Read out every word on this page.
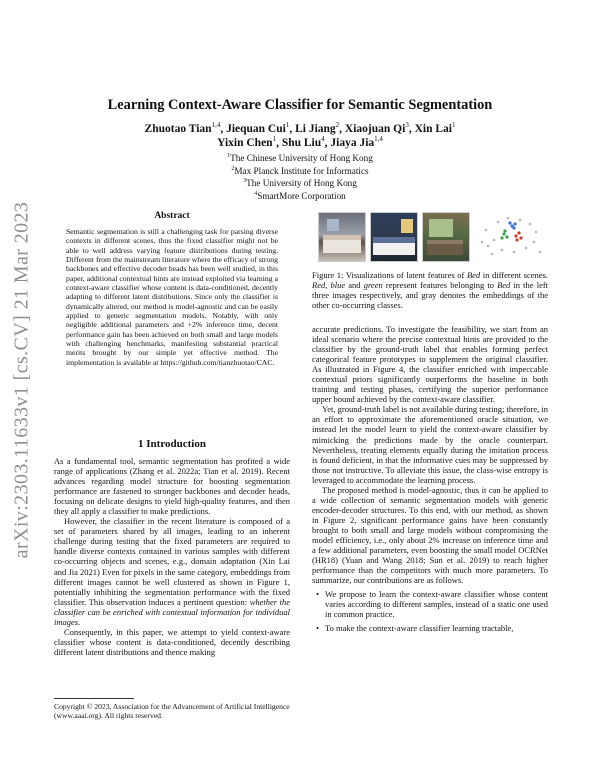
arXiv:2303.11633v1 [cs.CV] 21 Mar 2023
Learning Context-Aware Classifier for Semantic Segmentation
Zhuotao Tian$^{1,4}$, Jiequan Cui$^1$, Li Jiang$^2$, Xiaojuan Qi$^3$, Xin Lai$^1$
Yixin Chen$^1$, Shu Liu$^4$, Jiaya Jia$^{1,4}$
$^1$The Chinese University of Hong Kong
$^2$Max Planck Institute for Informatics
$^3$The University of Hong Kong
$^4$SmartMore Corporation
Abstract
Semantic segmentation is still a challenging task for parsing diverse contexts in different scenes, thus the fixed classifier might not be able to well address varying feature distributions during testing. Different from the mainstream literature where the efficacy of strong backbones and effective decoder heads has been well studied, in this paper, additional contextual hints are instead exploited via learning a context-aware classifier whose content is data-conditioned, decently adapting to different latent distributions. Since only the classifier is dynamically altered, our method is model-agnostic and can be easily applied to generic segmentation models. Notably, with only negligible additional parameters and +2% inference time, decent performance gain has been achieved on both small and large models with challenging benchmarks, manifesting substantial practical merits brought by our simple yet effective method. The implementation is available at https://github.com/tianzhuotao/CAC.
1 Introduction

As a fundamental tool, semantic segmentation has profited a wide range of applications (Zhang et al. 2022a; Tian et al. 2019). Recent advances regarding model structure for boosting segmentation performance are fastened to stronger backbones and decoder heads, focusing on delicate designs to yield high-quality features, and then they all apply a classifier to make predictions.

However, the classifier in the recent literature is composed of a set of parameters shared by all images, leading to an inherent challenge during testing that the fixed parameters are required to handle diverse contexts contained in various samples with different co-occurring objects and scenes, e.g., domain adaptation (Xin Lai and Jia 2021) Even for pixels in the same category, embeddings from different images cannot be well clustered as shown in Figure 1, potentially inhibiting the segmentation performance with the fixed classifier. This observation induces a pertinent question: whether the classifier can be enriched with contextual information for individual images.

Consequently, in this paper, we attempt to yield context-aware classifier whose content is data-conditioned, decently describing different latent distributions and thence making

Copyright © 2023, Association for the Advancement of Artificial Intelligence (www.aaai.org). All rights reserved.
Figure 1: Visualizations of latent features of Bed in different scenes. Red, blue and green represent features belonging to Bed in the left three images respectively, and gray denotes the embeddings of the other co-occurring classes.

accurate predictions. To investigate the feasibility, we start from an ideal scenario where the precise contextual hints are provided to the classifier by the ground-truth label that enables forming perfect categorical feature prototypes to supplement the original classifier. As illustrated in Figure 4, the classifier enriched with impeccable contextual priors significantly outperforms the baseline in both training and testing phases, certifying the superior performance upper bound achieved by the context-aware classifier.

Yet, ground-truth label is not available during testing; therefore, in an effort to approximate the aforementioned oracle situation, we instead let the model learn to yield the context-aware classifier by mimicking the predictions made by the oracle counterpart. Nevertheless, treating elements equally during the imitation process is found deficient, in that the informative cues may be suppressed by those not instructive. To alleviate this issue, the class-wise entropy is leveraged to accommodate the learning process.

The proposed method is model-agnostic, thus it can be applied to a wide collection of semantic segmentation models with generic encoder-decoder structures. To this end, with our method, as shown in Figure 2, significant performance gains have been constantly brought to both small and large models without compromising the model efficiency, i.e., only about 2% increase on inference time and a few additional parameters, even boosting the small model OCRNet (HR18) (Yuan and Wang 2018; Sun et al. 2019) to reach higher performance than the competitors with much more parameters. To summarize, our contributions are as follows.

• We propose to learn the context-aware classifier whose content varies according to different samples, instead of a static one used in common practice.
• To make the context-aware classifier learning tractable,
